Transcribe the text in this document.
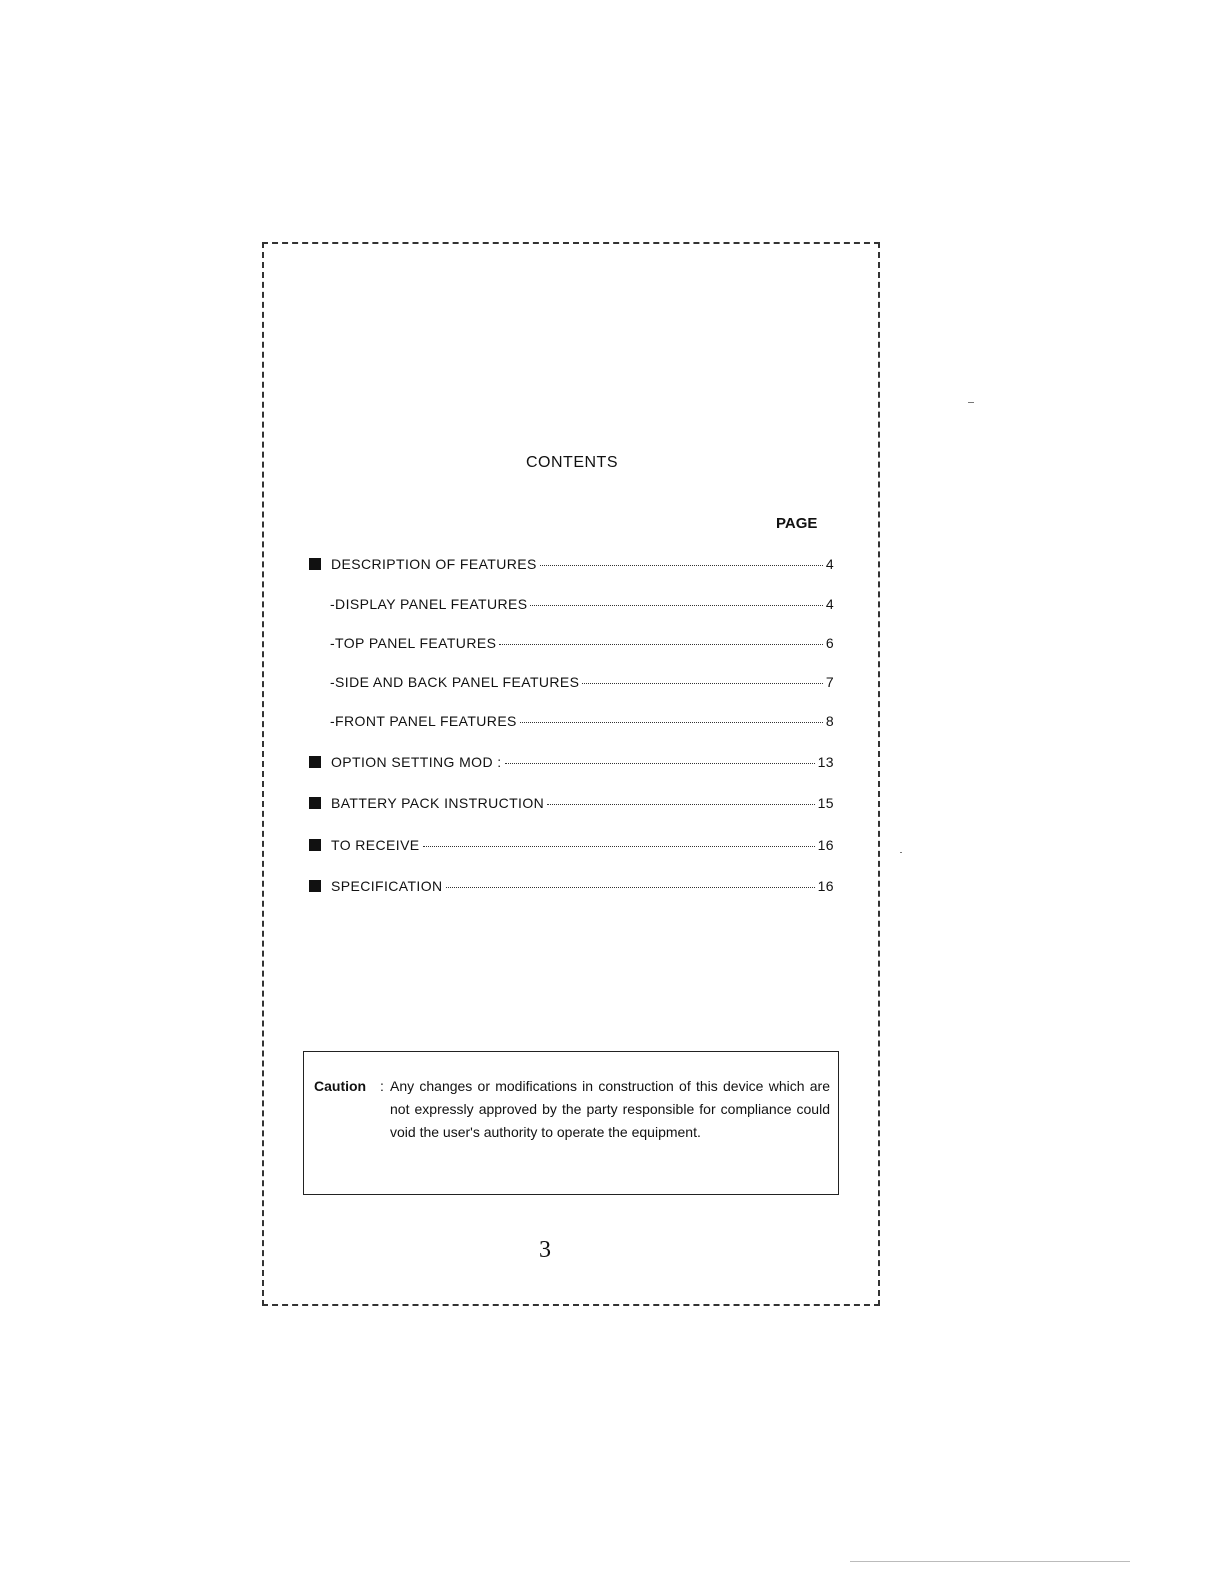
CONTENTS
PAGE
DESCRIPTION OF FEATURES	4
-DISPLAY PANEL FEATURES	4
-TOP PANEL FEATURES	6
-SIDE AND BACK PANEL FEATURES	7
-FRONT PANEL FEATURES	8
OPTION SETTING MOD :	13
BATTERY PACK INSTRUCTION	15
TO RECEIVE	16
SPECIFICATION	16
Caution : Any changes or modifications in construction of this device which are not expressly approved by the party responsible for compliance could void the user's authority to operate the equipment.
3
